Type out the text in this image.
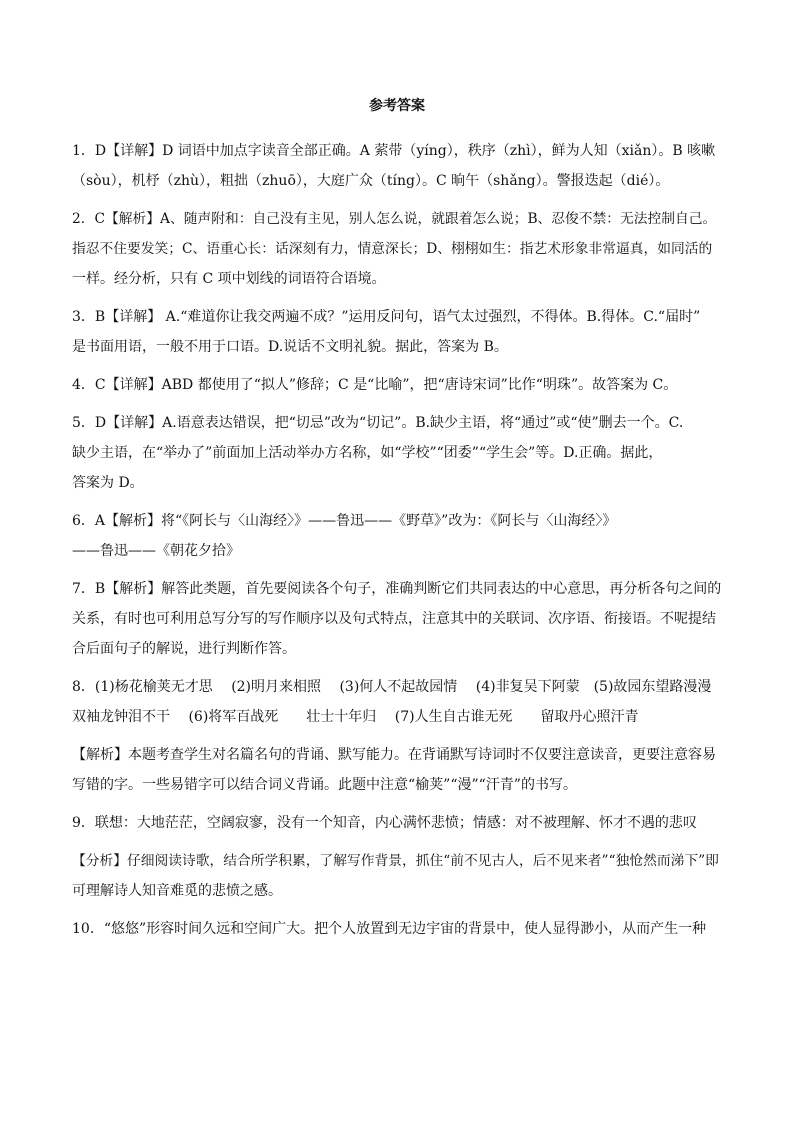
参考答案
1．D【详解】D 词语中加点字读音全部正确。A 萦带（yíng），秩序（zhì），鲜为人知（xiǎn）。B 咳嗽
（sòu），机杼（zhù），粗拙（zhuō），大庭广众（tíng）。C 晌午（shǎng）。警报迭起（dié）。
2．C【解析】A、随声附和：自己没有主见，别人怎么说，就跟着怎么说；B、忍俊不禁：无法控制自己。
指忍不住要发笑；C、语重心长：话深刻有力，情意深长；D、栩栩如生：指艺术形象非常逼真，如同活的
一样。经分析，只有 C 项中划线的词语符合语境。
3．B【详解】 A.“难道你让我交两遍不成？”运用反问句，语气太过强烈，不得体。B.得体。C.“届时”
是书面用语，一般不用于口语。D.说话不文明礼貌。据此，答案为 B。
4．C【详解】ABD 都使用了“拟人”修辞；C 是“比喻”，把“唐诗宋词”比作“明珠”。故答案为 C。
5．D【详解】A.语意表达错误，把“切忌”改为“切记”。B.缺少主语，将“通过”或“使”删去一个。C.
缺少主语，在“举办了”前面加上活动举办方名称，如“学校”“团委”“学生会”等。D.正确。据此，
答案为 D。
6．A【解析】将“《阿长与〈山海经〉》——鲁迅——《野草》”改为：《阿长与〈山海经〉》
——鲁迅——《朝花夕拾》
7．B【解析】解答此类题，首先要阅读各个句子，准确判断它们共同表达的中心意思，再分析各句之间的
关系，有时也可利用总写分写的写作顺序以及句式特点，注意其中的关联词、次序语、衔接语。不呢提结
合后面句子的解说，进行判断作答。
8．(1)杨花榆荚无才思　 (2)明月来相照　 (3)何人不起故园情　 (4)非复吴下阿蒙　(5)故园东望路漫漫
双袖龙钟泪不干　 (6)将军百战死　　壮士十年归　 (7)人生自古谁无死　　留取丹心照汗青
【解析】本题考查学生对名篇名句的背诵、默写能力。在背诵默写诗词时不仅要注意读音，更要注意容易
写错的字。一些易错字可以结合词义背诵。此题中注意“榆荚”“漫”“汗青”的书写。
9．联想：大地茫茫，空阔寂寥，没有一个知音，内心满怀悲愤；情感：对不被理解、怀才不遇的悲叹
【分析】仔细阅读诗歌，结合所学积累，了解写作背景，抓住“前不见古人，后不见来者”“独怆然而涕下”即
可理解诗人知音难觅的悲愤之感。
10．“悠悠”形容时间久远和空间广大。把个人放置到无边宇宙的背景中，使人显得渺小，从而产生一种
